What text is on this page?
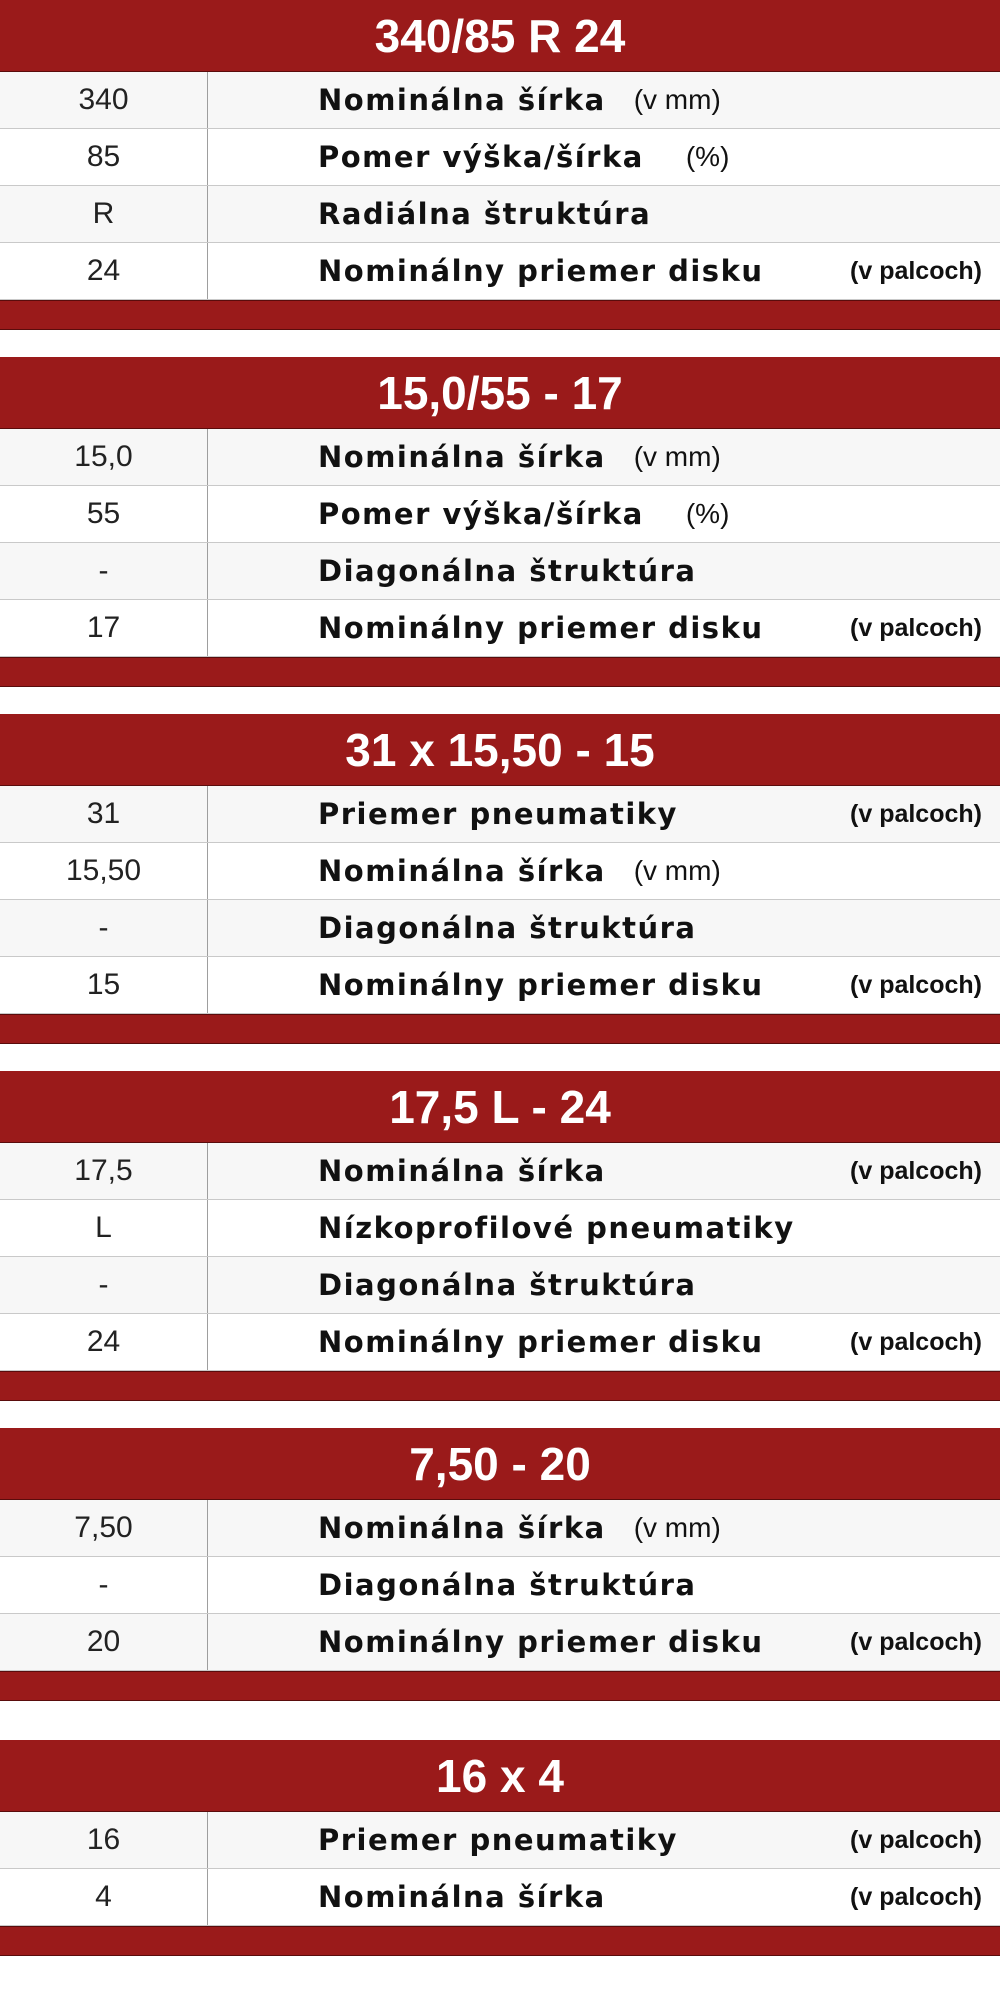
340/85 R 24
340	Nominálna šírka (v mm)
85	Pomer výška/šírka (%)
R	Radiálna štruktúra
24	Nominálny priemer disku	(v palcoch)
15,0/55 - 17
15,0	Nominálna šírka (v mm)
55	Pomer výška/šírka (%)
-	Diagonálna štruktúra
17	Nominálny priemer disku	(v palcoch)
31 x 15,50 - 15
31	Priemer pneumatiky	(v palcoch)
15,50	Nominálna šírka (v mm)
-	Diagonálna štruktúra
15	Nominálny priemer disku	(v palcoch)
17,5 L - 24
17,5	Nominálna šírka	(v palcoch)
L	Nízkoprofilové pneumatiky
-	Diagonálna štruktúra
24	Nominálny priemer disku	(v palcoch)
7,50 - 20
7,50	Nominálna šírka (v mm)
-	Diagonálna štruktúra
20	Nominálny priemer disku	(v palcoch)
16 x 4
16	Priemer pneumatiky	(v palcoch)
4	Nominálna šírka	(v palcoch)
